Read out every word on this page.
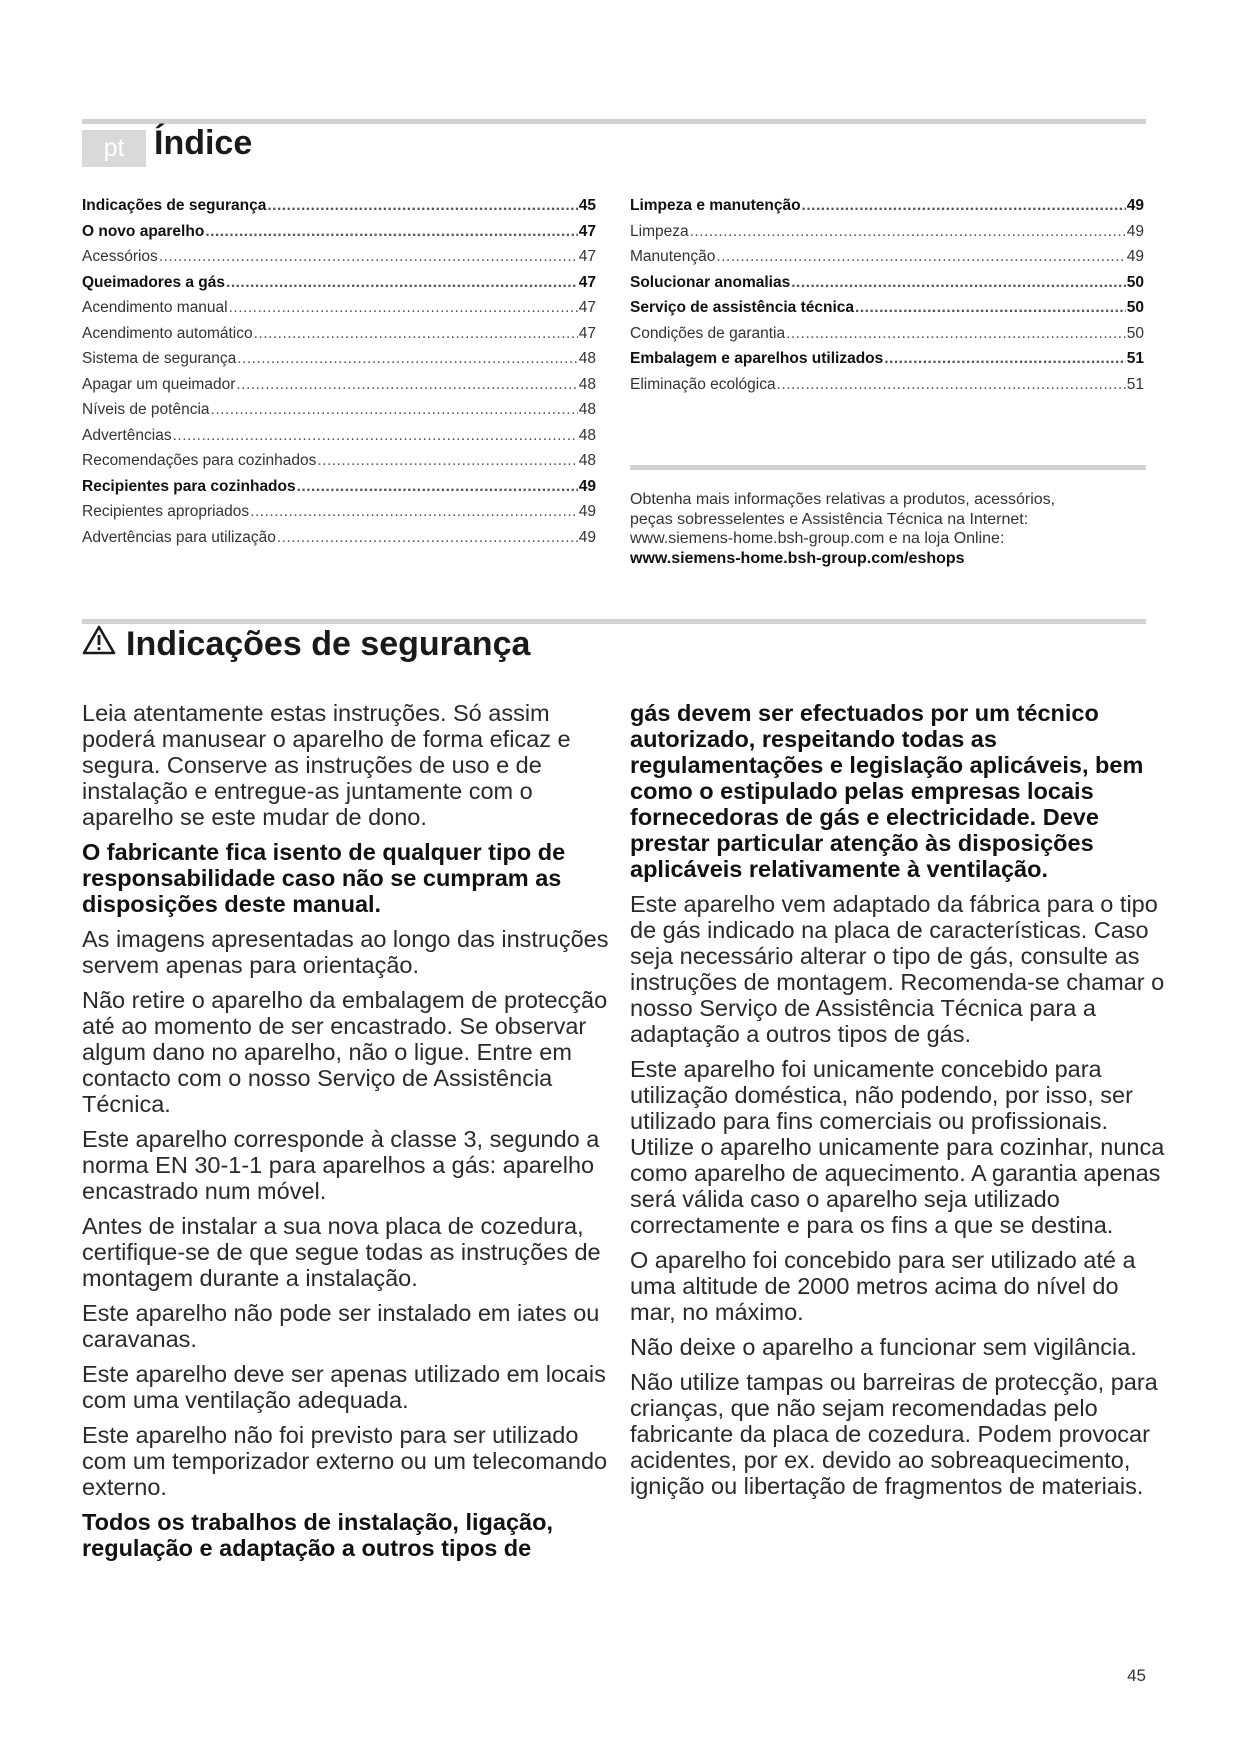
pt Índice
Indicações de segurança .....	45
O novo aparelho .....	47
Acessórios .....	47
Queimadores a gás .....	47
Acendimento manual .....	47
Acendimento automático .....	47
Sistema de segurança .....	48
Apagar um queimador .....	48
Níveis de potência .....	48
Advertências .....	48
Recomendações para cozinhados .....	48
Recipientes para cozinhados .....	49
Recipientes apropriados .....	49
Advertências para utilização .....	49
Limpeza e manutenção .....	49
Limpeza .....	49
Manutenção .....	49
Solucionar anomalias .....	50
Serviço de assistência técnica .....	50
Condições de garantia .....	50
Embalagem e aparelhos utilizados .....	51
Eliminação ecológica .....	51

Obtenha mais informações relativas a produtos, acessórios,

peças sobresselentes e Assistência Técnica na Internet:

www.siemens-home.bsh-group.com e na loja Online:

www.siemens-home.bsh-group.com/eshops

Indicações de segurança

Leia atentamente estas instruções. Só assim poderá manusear o aparelho de forma eficaz e segura. Conserve as instruções de uso e de instalação e entregue-as juntamente com o aparelho se este mudar de dono.

O fabricante fica isento de qualquer tipo de responsabilidade caso não se cumpram as disposições deste manual.

As imagens apresentadas ao longo das instruções servem apenas para orientação.

Não retire o aparelho da embalagem de protecção até ao momento de ser encastrado. Se observar algum dano no aparelho, não o ligue. Entre em contacto com o nosso Serviço de Assistência Técnica.

Este aparelho corresponde à classe 3, segundo a norma EN 30-1-1 para aparelhos a gás: aparelho encastrado num móvel.

Antes de instalar a sua nova placa de cozedura, certifique-se de que segue todas as instruções de montagem durante a instalação.

Este aparelho não pode ser instalado em iates ou caravanas.

Este aparelho deve ser apenas utilizado em locais com uma ventilação adequada.

Este aparelho não foi previsto para ser utilizado com um temporizador externo ou um telecomando externo.

Todos os trabalhos de instalação, ligação, regulação e adaptação a outros tipos de

gás devem ser efectuados por um técnico autorizado, respeitando todas as regulamentações e legislação aplicáveis, bem como o estipulado pelas empresas locais fornecedoras de gás e electricidade. Deve prestar particular atenção às disposições aplicáveis relativamente à ventilação.

Este aparelho vem adaptado da fábrica para o tipo de gás indicado na placa de características. Caso seja necessário alterar o tipo de gás, consulte as instruções de montagem. Recomenda-se chamar o nosso Serviço de Assistência Técnica para a adaptação a outros tipos de gás.

Este aparelho foi unicamente concebido para utilização doméstica, não podendo, por isso, ser utilizado para fins comerciais ou profissionais. Utilize o aparelho unicamente para cozinhar, nunca como aparelho de aquecimento. A garantia apenas será válida caso o aparelho seja utilizado correctamente e para os fins a que se destina.

O aparelho foi concebido para ser utilizado até a uma altitude de 2000 metros acima do nível do mar, no máximo.

Não deixe o aparelho a funcionar sem vigilância.

Não utilize tampas ou barreiras de protecção, para crianças, que não sejam recomendadas pelo fabricante da placa de cozedura. Podem provocar acidentes, por ex. devido ao sobreaquecimento, ignição ou libertação de fragmentos de materiais.

45
